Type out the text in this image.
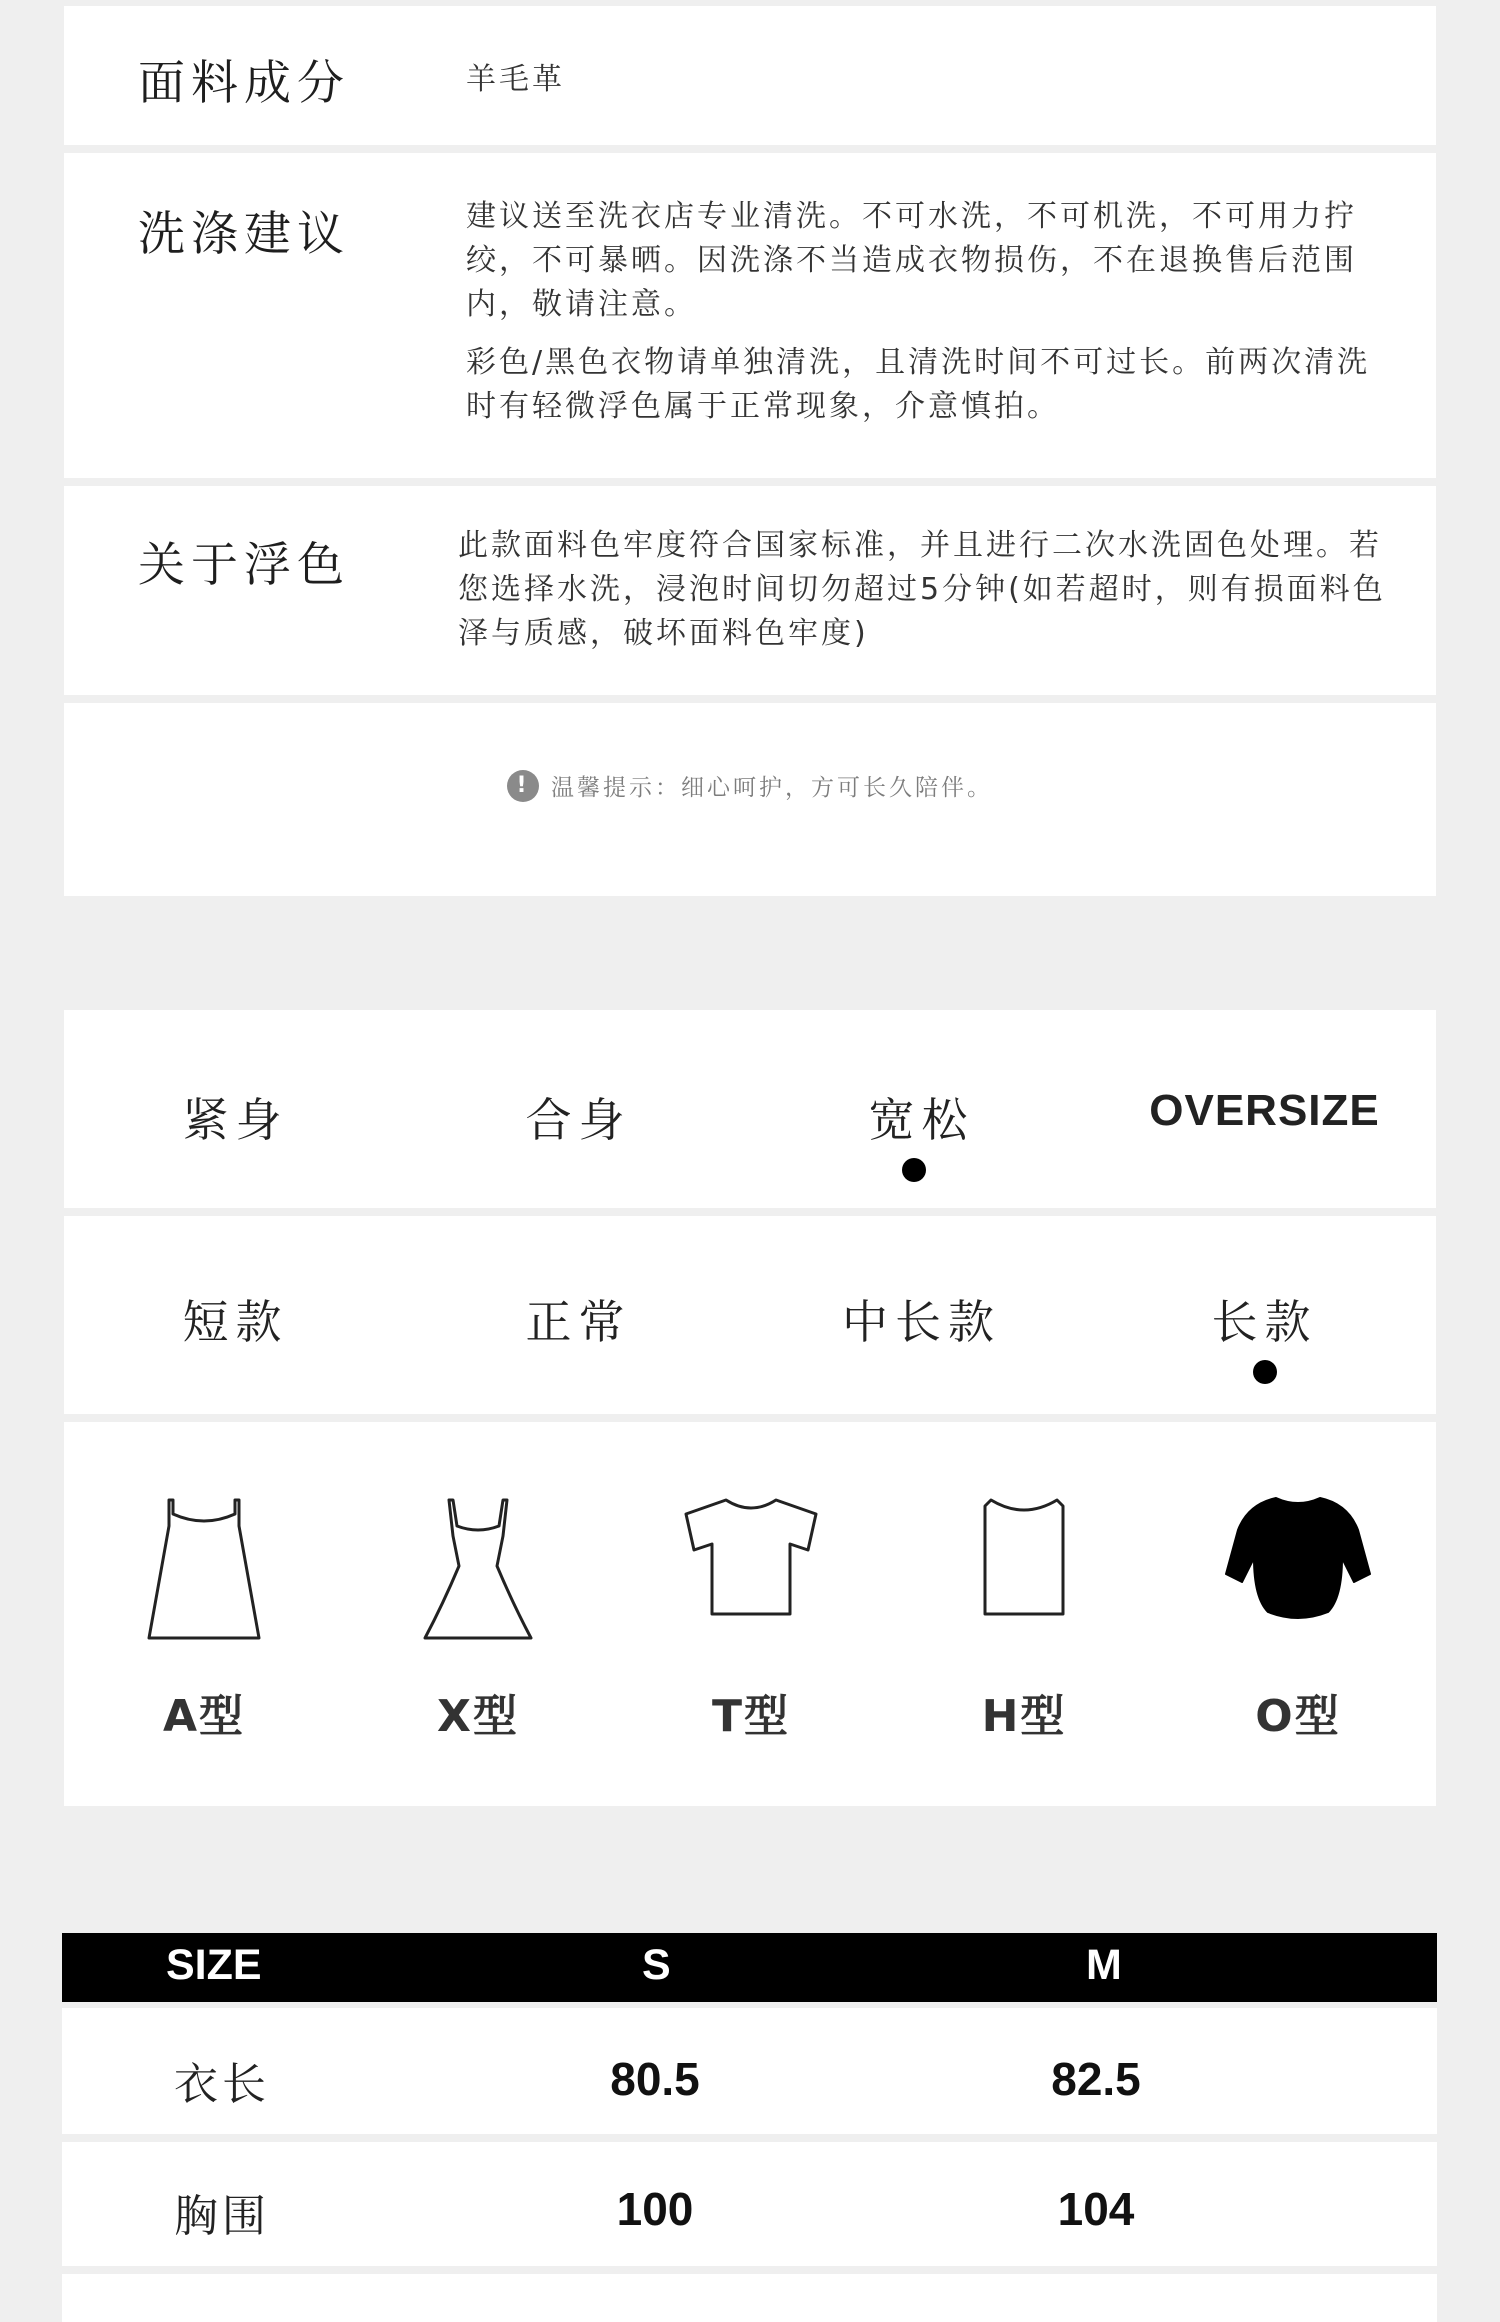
面料成分	羊毛革
洗涤建议	建议送至洗衣店专业清洗。不可水洗，不可机洗，不可用力拧绞，不可暴晒。因洗涤不当造成衣物损伤，不在退换售后范围内，敬请注意。

彩色/黑色衣物请单独清洗，且清洗时间不可过长。前两次清洗时有轻微浮色属于正常现象，介意慎拍。

关于浮色	此款面料色牢度符合国家标准，并且进行二次水洗固色处理。若您选择水洗，浸泡时间切勿超过5分钟(如若超时，则有损面料色泽与质感，破坏面料色牢度)
! 温馨提示：细心呵护，方可长久陪伴。
紧身	合身	宽松	OVERSIZE
短款	正常	中长款	长款
A型	X型	T型	H型	O型
SIZE	S	M
衣长	80.5	82.5
胸围	100	104
